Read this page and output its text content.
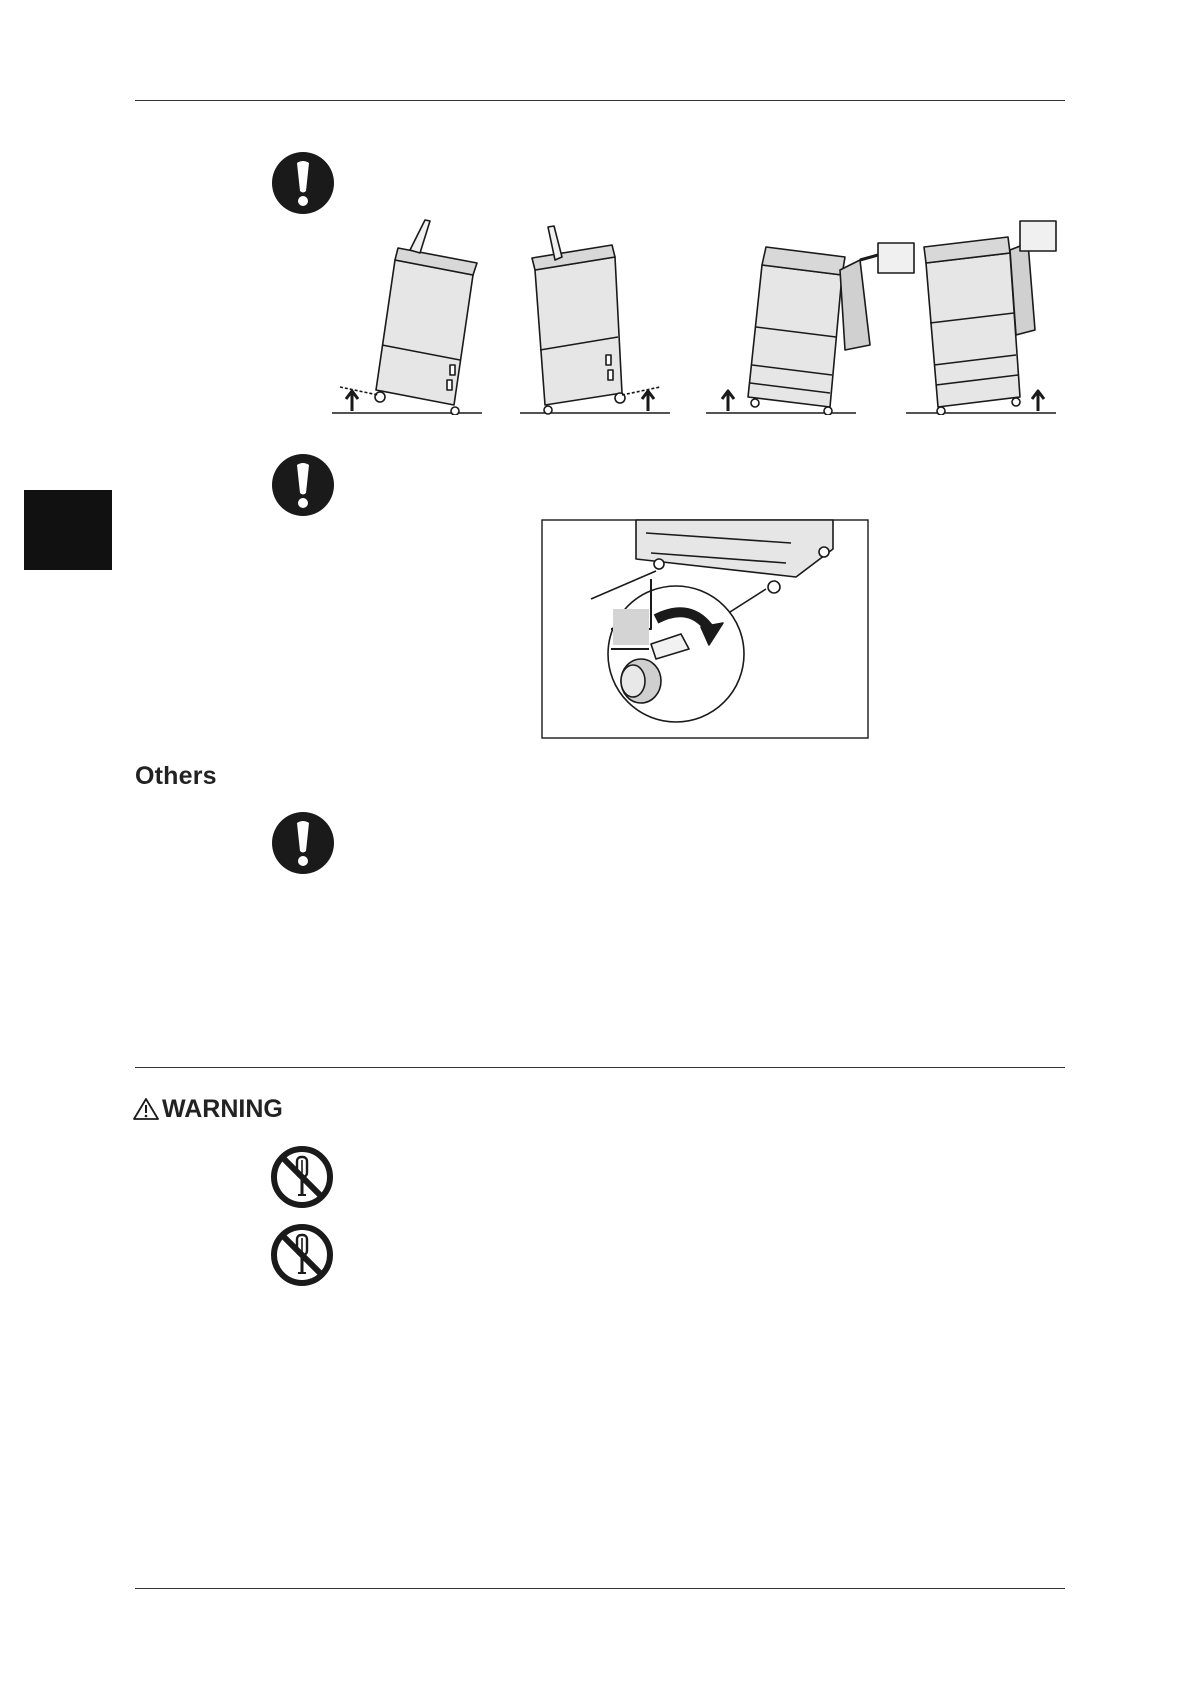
Others
WARNING
